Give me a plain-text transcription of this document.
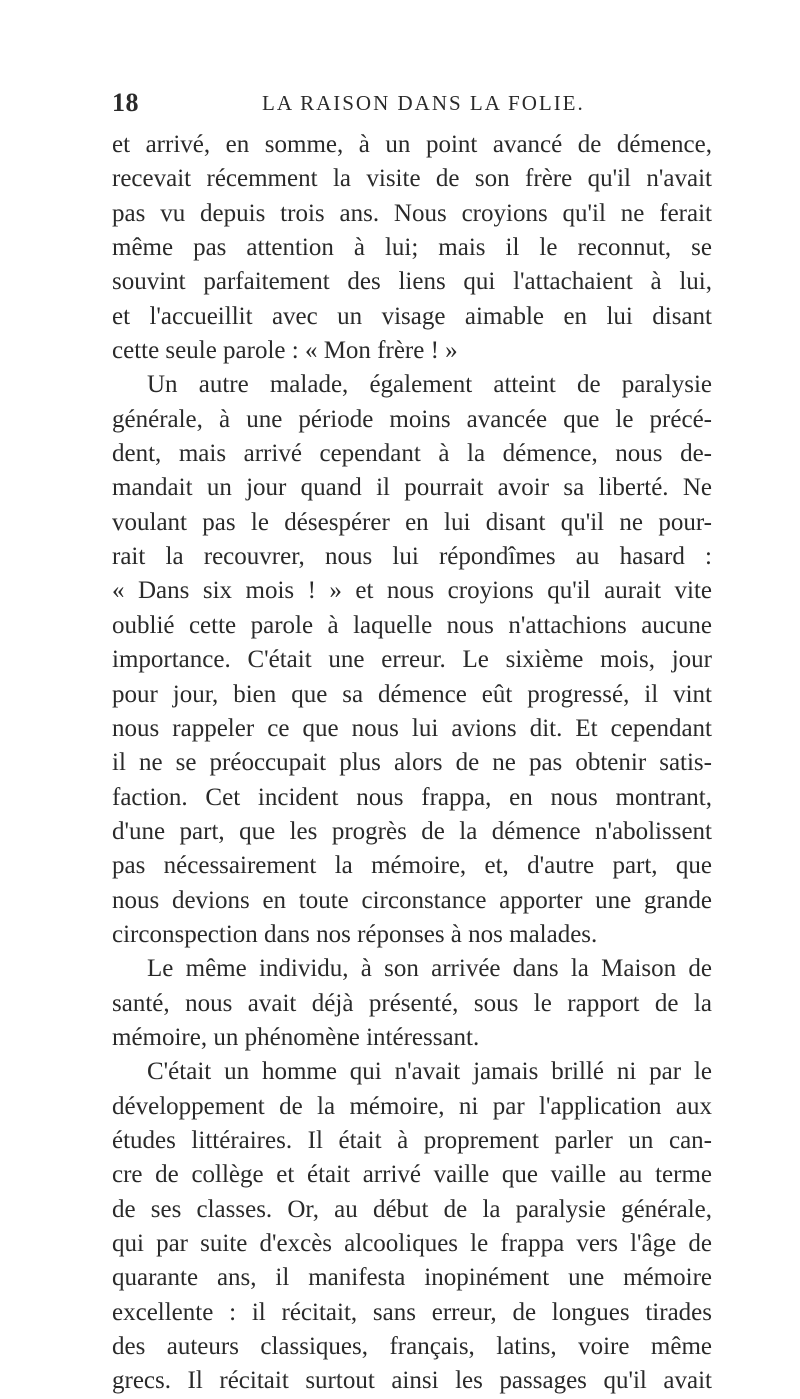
18	LA RAISON DANS LA FOLIE.
et arrivé, en somme, à un point avancé de démence,
recevait récemment la visite de son frère qu'il n'avait
pas vu depuis trois ans. Nous croyions qu'il ne ferait
même pas attention à lui; mais il le reconnut, se
souvint parfaitement des liens qui l'attachaient à lui,
et l'accueillit avec un visage aimable en lui disant
cette seule parole : « Mon frère ! »
Un autre malade, également atteint de paralysie
générale, à une période moins avancée que le précé-
dent, mais arrivé cependant à la démence, nous de-
mandait un jour quand il pourrait avoir sa liberté. Ne
voulant pas le désespérer en lui disant qu'il ne pour-
rait la recouvrer, nous lui répondîmes au hasard :
« Dans six mois ! » et nous croyions qu'il aurait vite
oublié cette parole à laquelle nous n'attachions aucune
importance. C'était une erreur. Le sixième mois, jour
pour jour, bien que sa démence eût progressé, il vint
nous rappeler ce que nous lui avions dit. Et cependant
il ne se préoccupait plus alors de ne pas obtenir satis-
faction. Cet incident nous frappa, en nous montrant,
d'une part, que les progrès de la démence n'abolissent
pas nécessairement la mémoire, et, d'autre part, que
nous devions en toute circonstance apporter une grande
circonspection dans nos réponses à nos malades.
Le même individu, à son arrivée dans la Maison de
santé, nous avait déjà présenté, sous le rapport de la
mémoire, un phénomène intéressant.
C'était un homme qui n'avait jamais brillé ni par le
développement de la mémoire, ni par l'application aux
études littéraires. Il était à proprement parler un can-
cre de collège et était arrivé vaille que vaille au terme
de ses classes. Or, au début de la paralysie générale,
qui par suite d'excès alcooliques le frappa vers l'âge de
quarante ans, il manifesta inopinément une mémoire
excellente : il récitait, sans erreur, de longues tirades
des auteurs classiques, français, latins, voire même
grecs. Il récitait surtout ainsi les passages qu'il avait
